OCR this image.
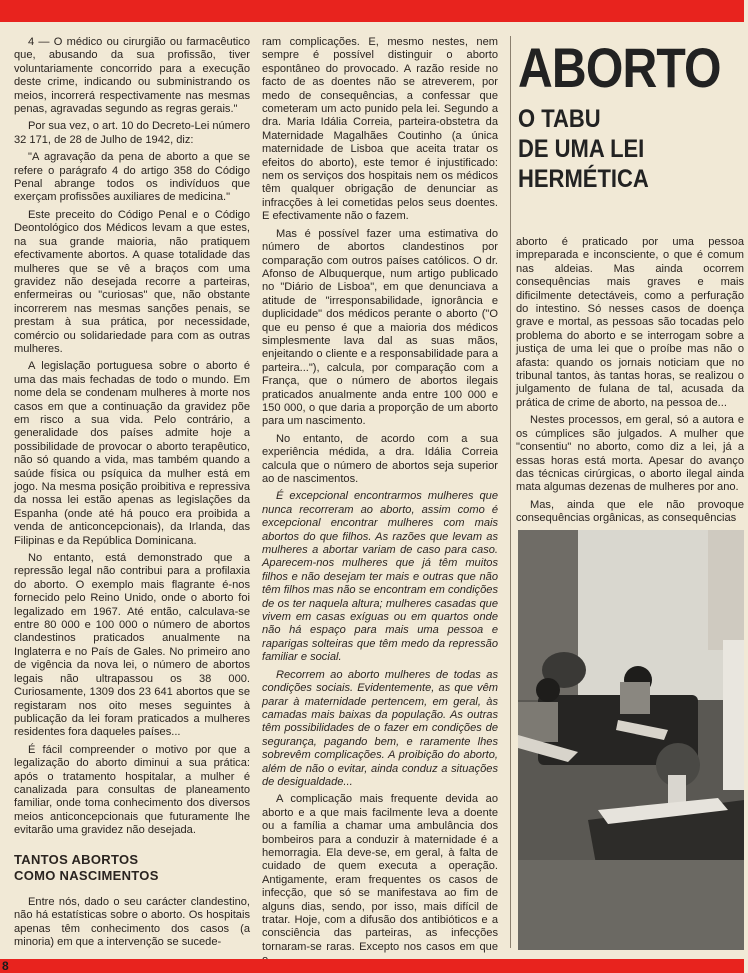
4 — O médico ou cirurgião ou farmacêutico que, abusando da sua profissão, tiver voluntariamente concorrido para a execução deste crime, indicando ou subministrando os meios, incorrerá respectivamente nas mesmas penas, agravadas segundo as regras gerais."

Por sua vez, o art. 10 do Decreto-Lei número 32 171, de 28 de Julho de 1942, diz:

"A agravação da pena de aborto a que se refere o parágrafo 4 do artigo 358 do Código Penal abrange todos os indivíduos que exerçam profissões auxiliares de medicina."

Este preceito do Código Penal e o Código Deontológico dos Médicos levam a que estes, na sua grande maioria, não pratiquem efectivamente abortos. A quase totalidade das mulheres que se vê a braços com uma gravidez não desejada recorre a parteiras, enfermeiras ou "curiosas" que, não obstante incorrerem nas mesmas sanções penais, se prestam à sua prática, por necessidade, comércio ou solidariedade para com as outras mulheres.

A legislação portuguesa sobre o aborto é uma das mais fechadas de todo o mundo. Em nome dela se condenam mulheres à morte nos casos em que a continuação da gravidez põe em risco a sua vida. Pelo contrário, a generalidade dos países admite hoje a possibilidade de provocar o aborto terapêutico, não só quando a vida, mas também quando a saúde física ou psíquica da mulher está em jogo. Na mesma posição proibitiva e repressiva da nossa lei estão apenas as legislações da Espanha (onde até há pouco era proibida a venda de anticoncepcionais), da Irlanda, das Filipinas e da República Dominicana.

No entanto, está demonstrado que a repressão legal não contribui para a profilaxia do aborto. O exemplo mais flagrante é-nos fornecido pelo Reino Unido, onde o aborto foi legalizado em 1967. Até então, calculava-se entre 80 000 e 100 000 o número de abortos clandestinos praticados anualmente na Inglaterra e no País de Gales. No primeiro ano de vigência da nova lei, o número de abortos legais não ultrapassou os 38 000. Curiosamente, 1309 dos 23 641 abortos que se registaram nos oito meses seguintes à publicação da lei foram praticados a mulheres residentes fora daqueles países...

É fácil compreender o motivo por que a legalização do aborto diminui a sua prática: após o tratamento hospitalar, a mulher é canalizada para consultas de planeamento familiar, onde toma conhecimento dos diversos meios anticoncepcionais que futuramente lhe evitarão uma gravidez não desejada.

TANTOS ABORTOS
COMO NASCIMENTOS

Entre nós, dado o seu carácter clandestino, não há estatísticas sobre o aborto. Os hospitais apenas têm conhecimento dos casos (a minoria) em que a intervenção se sucede-

ram complicações. E, mesmo nestes, nem sempre é possível distinguir o aborto espontâneo do provocado. A razão reside no facto de as doentes não se atreverem, por medo de consequências, a confessar que cometeram um acto punido pela lei. Segundo a dra. Maria Idália Correia, parteira-obstetra da Maternidade Magalhães Coutinho (a única maternidade de Lisboa que aceita tratar os efeitos do aborto), este temor é injustificado: nem os serviços dos hospitais nem os médicos têm qualquer obrigação de denunciar as infracções à lei cometidas pelos seus doentes. E efectivamente não o fazem.

Mas é possível fazer uma estimativa do número de abortos clandestinos por comparação com outros países católicos. O dr. Afonso de Albuquerque, num artigo publicado no "Diário de Lisboa", em que denunciava a atitude de "irresponsabilidade, ignorância e duplicidade" dos médicos perante o aborto ("O que eu penso é que a maioria dos médicos simplesmente lava dal as suas mãos, enjeitando o cliente e a responsabilidade para a parteira..."), calcula, por comparação com a França, que o número de abortos ilegais praticados anualmente anda entre 100 000 e 150 000, o que daria a proporção de um aborto para um nascimento.

No entanto, de acordo com a sua experiência médida, a dra. Idália Correia calcula que o número de abortos seja superior ao de nascimentos.

É excepcional encontrarmos mulheres que nunca recorreram ao aborto, assim como é excepcional encontrar mulheres com mais abortos do que filhos. As razões que levam as mulheres a abortar variam de caso para caso. Aparecem-nos mulheres que já têm muitos filhos e não desejam ter mais e outras que não têm filhos mas não se encontram em condições de os ter naquela altura; mulheres casadas que vivem em casas exíguas ou em quartos onde não há espaço para mais uma pessoa e raparigas solteiras que têm medo da repressão familiar e social.

Recorrem ao aborto mulheres de todas as condições sociais. Evidentemente, as que vêm parar à maternidade pertencem, em geral, às camadas mais baixas da população. As outras têm possibilidades de o fazer em condições de segurança, pagando bem, e raramente lhes sobrevêm complicações. A proibição do aborto, além de não o evitar, ainda conduz a situações de desigualdade...

A complicação mais frequente devida ao aborto e a que mais facilmente leva a doente ou a família a chamar uma ambulância dos bombeiros para a conduzir à maternidade é a hemorragia. Ela deve-se, em geral, à falta de cuidado de quem executa a operação. Antigamente, eram frequentes os casos de infecção, que só se manifestava ao fim de alguns dias, sendo, por isso, mais difícil de tratar. Hoje, com a difusão dos antibióticos e a consciência das parteiras, as infecções tornaram-se raras. Excepto nos casos em que

ABORTO
O TABU
DE UMA LEI
HERMÉTICA

aborto é praticado por uma pessoa impreparada e inconsciente, o que é comum nas aldeias. Mas ainda ocorrem consequências mais graves e mais dificilmente detectáveis, como a perfuração do intestino. Só nesses casos de doença grave e mortal, as pessoas são tocadas pelo problema do aborto e se interrogam sobre a justiça de uma lei que o proíbe mas não o afasta: quando os jornais noticiam que no tribunal tantos, às tantas horas, se realizou o julgamento de fulana de tal, acusada da prática de crime de aborto, na pessoa de...

Nestes processos, em geral, só a autora e os cúmplices são julgados. A mulher que "consentiu" no aborto, como diz a lei, já a essas horas está morta. Apesar do avanço das técnicas cirúrgicas, o aborto ilegal ainda mata algumas dezenas de mulheres por ano.

Mas, ainda que ele não provoque consequências orgânicas, as consequências

8
